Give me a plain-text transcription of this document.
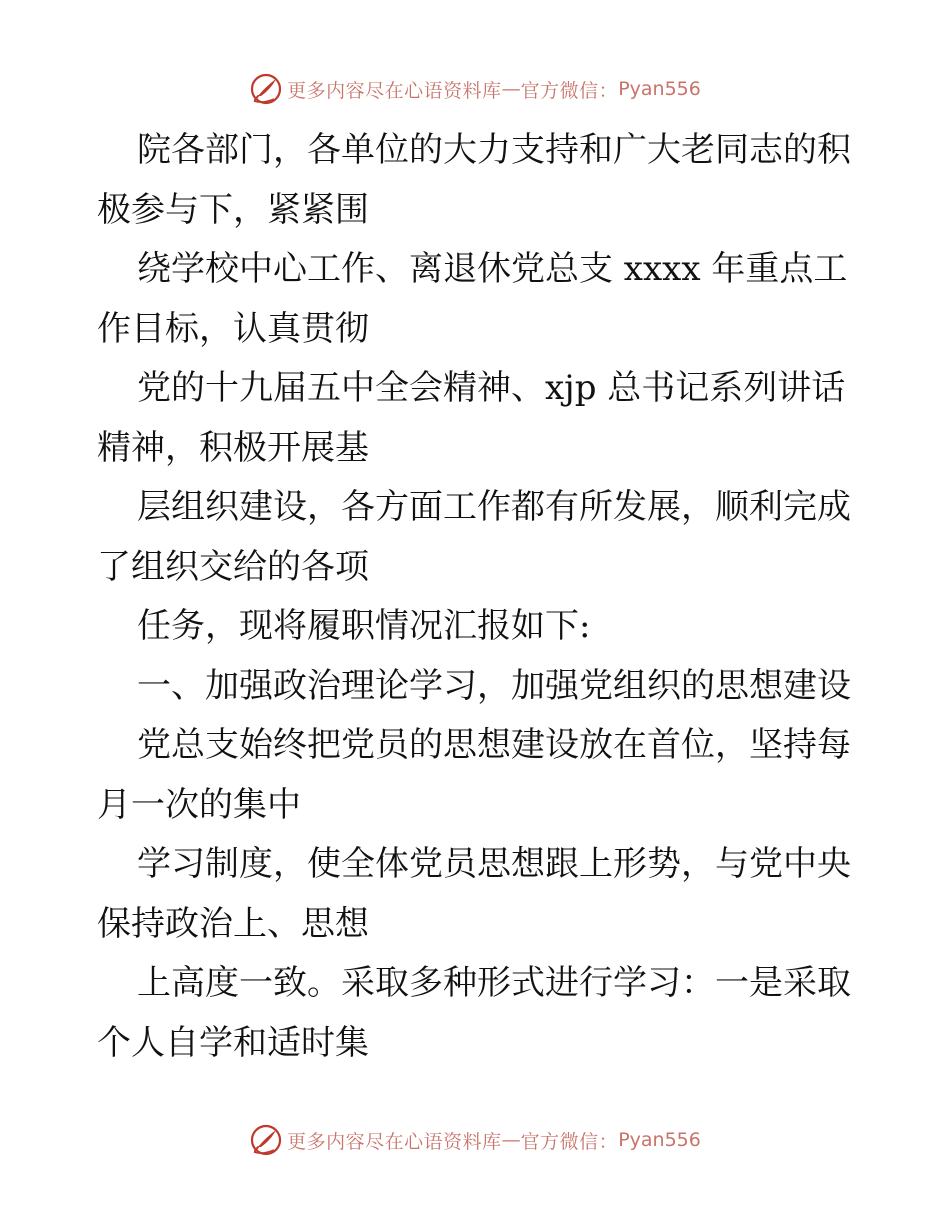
更多内容尽在心语资料库 — 官方微信： Pyan556
院各部门，各单位的大力支持和广大老同志的积
极参与下，紧紧围
绕学校中心工作、离退休党总支 xxxx 年重点工
作目标，认真贯彻
党的十九届五中全会精神、xjp 总书记系列讲话
精神，积极开展基
层组织建设，各方面工作都有所发展，顺利完成
了组织交给的各项
任务，现将履职情况汇报如下:
一、加强政治理论学习，加强党组织的思想建设
党总支始终把党员的思想建设放在首位，坚持每
月一次的集中
学习制度，使全体党员思想跟上形势，与党中央
保持政治上、思想
上高度一致。采取多种形式进行学习：一是采取
个人自学和适时集
更多内容尽在心语资料库 — 官方微信： Pyan556
